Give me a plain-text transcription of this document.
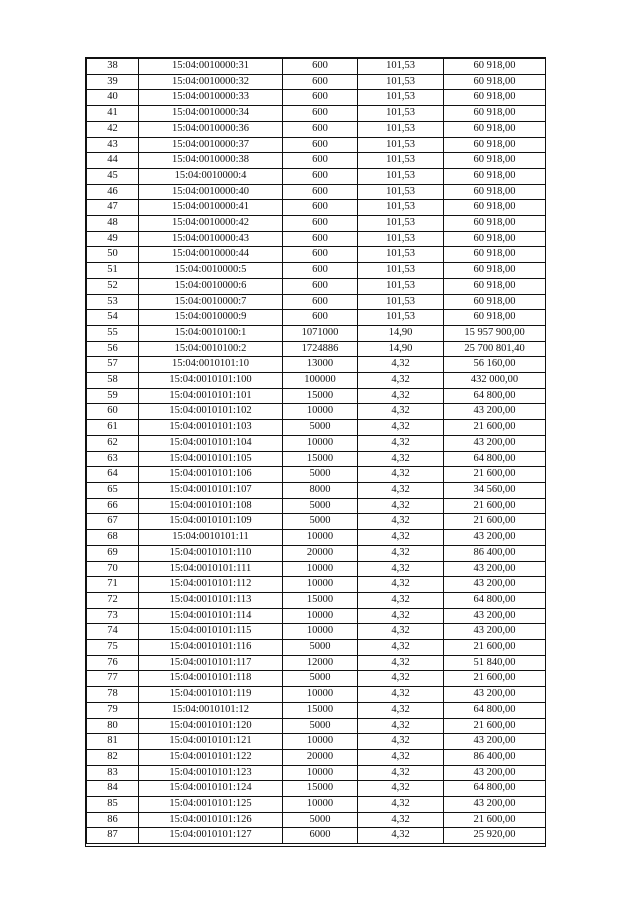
38	15:04:0010000:31	600	101,53	60 918,00
39	15:04:0010000:32	600	101,53	60 918,00
40	15:04:0010000:33	600	101,53	60 918,00
41	15:04:0010000:34	600	101,53	60 918,00
42	15:04:0010000:36	600	101,53	60 918,00
43	15:04:0010000:37	600	101,53	60 918,00
44	15:04:0010000:38	600	101,53	60 918,00
45	15:04:0010000:4	600	101,53	60 918,00
46	15:04:0010000:40	600	101,53	60 918,00
47	15:04:0010000:41	600	101,53	60 918,00
48	15:04:0010000:42	600	101,53	60 918,00
49	15:04:0010000:43	600	101,53	60 918,00
50	15:04:0010000:44	600	101,53	60 918,00
51	15:04:0010000:5	600	101,53	60 918,00
52	15:04:0010000:6	600	101,53	60 918,00
53	15:04:0010000:7	600	101,53	60 918,00
54	15:04:0010000:9	600	101,53	60 918,00
55	15:04:0010100:1	1071000	14,90	15 957 900,00
56	15:04:0010100:2	1724886	14,90	25 700 801,40
57	15:04:0010101:10	13000	4,32	56 160,00
58	15:04:0010101:100	100000	4,32	432 000,00
59	15:04:0010101:101	15000	4,32	64 800,00
60	15:04:0010101:102	10000	4,32	43 200,00
61	15:04:0010101:103	5000	4,32	21 600,00
62	15:04:0010101:104	10000	4,32	43 200,00
63	15:04:0010101:105	15000	4,32	64 800,00
64	15:04:0010101:106	5000	4,32	21 600,00
65	15:04:0010101:107	8000	4,32	34 560,00
66	15:04:0010101:108	5000	4,32	21 600,00
67	15:04:0010101:109	5000	4,32	21 600,00
68	15:04:0010101:11	10000	4,32	43 200,00
69	15:04:0010101:110	20000	4,32	86 400,00
70	15:04:0010101:111	10000	4,32	43 200,00
71	15:04:0010101:112	10000	4,32	43 200,00
72	15:04:0010101:113	15000	4,32	64 800,00
73	15:04:0010101:114	10000	4,32	43 200,00
74	15:04:0010101:115	10000	4,32	43 200,00
75	15:04:0010101:116	5000	4,32	21 600,00
76	15:04:0010101:117	12000	4,32	51 840,00
77	15:04:0010101:118	5000	4,32	21 600,00
78	15:04:0010101:119	10000	4,32	43 200,00
79	15:04:0010101:12	15000	4,32	64 800,00
80	15:04:0010101:120	5000	4,32	21 600,00
81	15:04:0010101:121	10000	4,32	43 200,00
82	15:04:0010101:122	20000	4,32	86 400,00
83	15:04:0010101:123	10000	4,32	43 200,00
84	15:04:0010101:124	15000	4,32	64 800,00
85	15:04:0010101:125	10000	4,32	43 200,00
86	15:04:0010101:126	5000	4,32	21 600,00
87	15:04:0010101:127	6000	4,32	25 920,00
